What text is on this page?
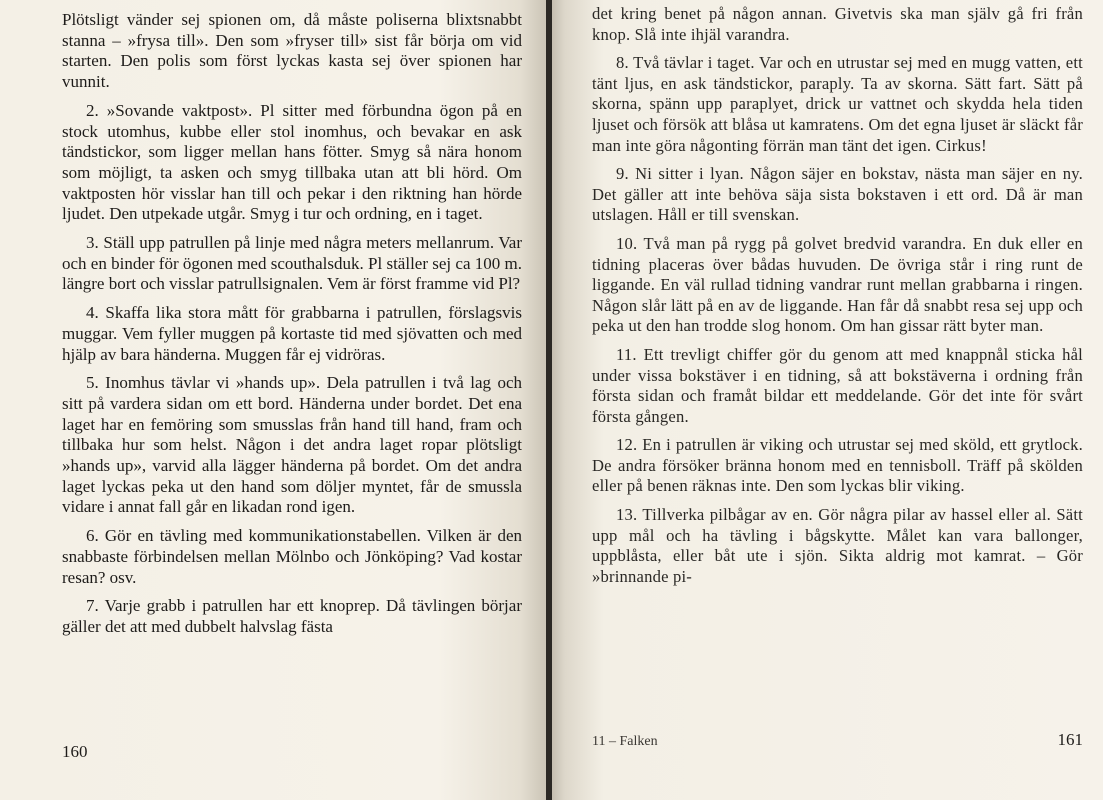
Plötsligt vänder sej spionen om, då måste poliserna blixtsnabbt stanna – »frysa till». Den som »fryser till» sist får börja om vid starten. Den polis som först lyckas kasta sej över spionen har vunnit.

2. »Sovande vaktpost». Pl sitter med förbundna ögon på en stock utomhus, kubbe eller stol inomhus, och bevakar en ask tändstickor, som ligger mellan hans fötter. Smyg så nära honom som möjligt, ta asken och smyg tillbaka utan att bli hörd. Om vaktposten hör visslar han till och pekar i den riktning han hörde ljudet. Den utpekade utgår. Smyg i tur och ordning, en i taget.

3. Ställ upp patrullen på linje med några meters mellanrum. Var och en binder för ögonen med scouthalsduk. Pl ställer sej ca 100 m. längre bort och visslar patrullsignalen. Vem är först framme vid Pl?

4. Skaffa lika stora mått för grabbarna i patrullen, förslagsvis muggar. Vem fyller muggen på kortaste tid med sjövatten och med hjälp av bara händerna. Muggen får ej vidröras.

5. Inomhus tävlar vi »hands up». Dela patrullen i två lag och sitt på vardera sidan om ett bord. Händerna under bordet. Det ena laget har en femöring som smusslas från hand till hand, fram och tillbaka hur som helst. Någon i det andra laget ropar plötsligt »hands up», varvid alla lägger händerna på bordet. Om det andra laget lyckas peka ut den hand som döljer myntet, får de smussla vidare i annat fall går en likadan rond igen.

6. Gör en tävling med kommunikationstabellen. Vilken är den snabbaste förbindelsen mellan Mölnbo och Jönköping? Vad kostar resan? osv.

7. Varje grabb i patrullen har ett knoprep. Då tävlingen börjar gäller det att med dubbelt halvslag fästa

160

det kring benet på någon annan. Givetvis ska man själv gå fri från knop. Slå inte ihjäl varandra.

8. Två tävlar i taget. Var och en utrustar sej med en mugg vatten, ett tänt ljus, en ask tändstickor, paraply. Ta av skorna. Sätt fart. Sätt på skorna, spänn upp paraplyet, drick ur vattnet och skydda hela tiden ljuset och försök att blåsa ut kamratens. Om det egna ljuset är släckt får man inte göra någonting förrän man tänt det igen. Cirkus!

9. Ni sitter i lyan. Någon säjer en bokstav, nästa man säjer en ny. Det gäller att inte behöva säja sista bokstaven i ett ord. Då är man utslagen. Håll er till svenskan.

10. Två man på rygg på golvet bredvid varandra. En duk eller en tidning placeras över bådas huvuden. De övriga står i ring runt de liggande. En väl rullad tidning vandrar runt mellan grabbarna i ringen. Någon slår lätt på en av de liggande. Han får då snabbt resa sej upp och peka ut den han trodde slog honom. Om han gissar rätt byter man.

11. Ett trevligt chiffer gör du genom att med knappnål sticka hål under vissa bokstäver i en tidning, så att bokstäverna i ordning från första sidan och framåt bildar ett meddelande. Gör det inte för svårt första gången.

12. En i patrullen är viking och utrustar sej med sköld, ett grytlock. De andra försöker bränna honom med en tennisboll. Träff på skölden eller på benen räknas inte. Den som lyckas blir viking.

13. Tillverka pilbågar av en. Gör några pilar av hassel eller al. Sätt upp mål och ha tävling i bågskytte. Målet kan vara ballonger, uppblåsta, eller båt ute i sjön. Sikta aldrig mot kamrat. – Gör »brinnande pi-

11 – Falken	161
